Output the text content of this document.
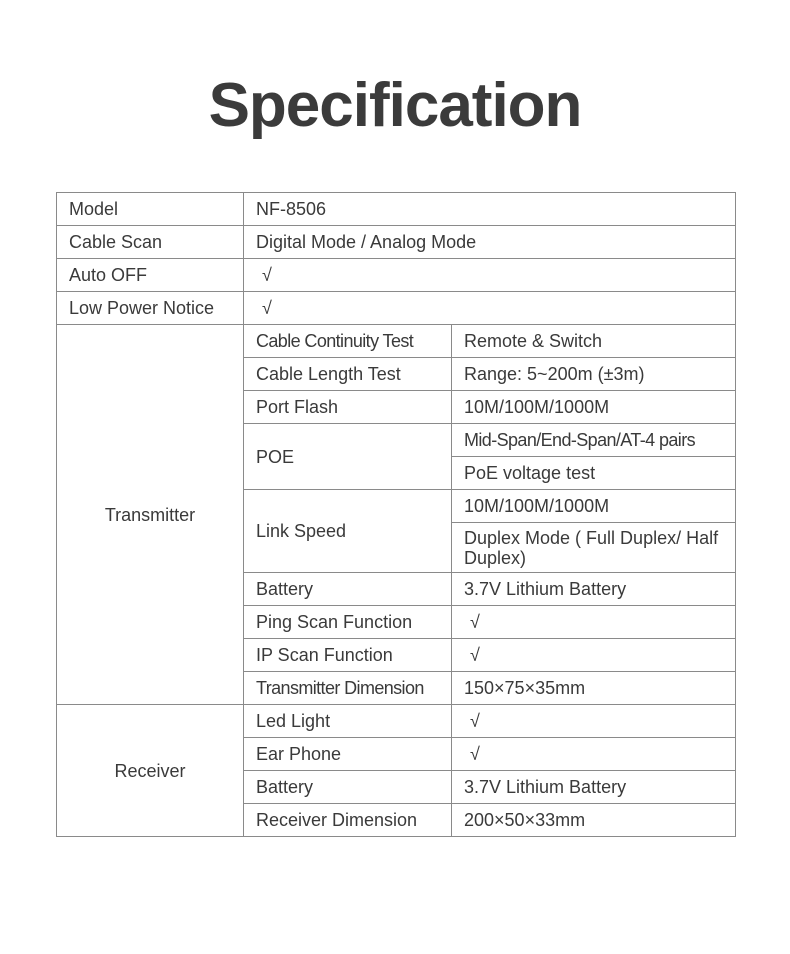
Specification
Model	NF-8506	
Cable Scan	Digital Mode / Analog Mode	
Auto OFF	√	
Low Power Notice	√	
Transmitter	Cable Continuity Test	Remote & Switch
	Cable Length Test	Range: 5~200m (±3m)
	Port Flash	10M/100M/1000M
	POE	Mid-Span/End-Span/AT-4 pairs
		PoE voltage test
	Link Speed	10M/100M/1000M
		Duplex Mode ( Full Duplex/ Half Duplex)
	Battery	3.7V Lithium Battery
	Ping Scan Function	√
	IP Scan Function	√
	Transmitter Dimension	150×75×35mm
Receiver	Led Light	√
	Ear Phone	√
	Battery	3.7V Lithium Battery
	Receiver Dimension	200×50×33mm
